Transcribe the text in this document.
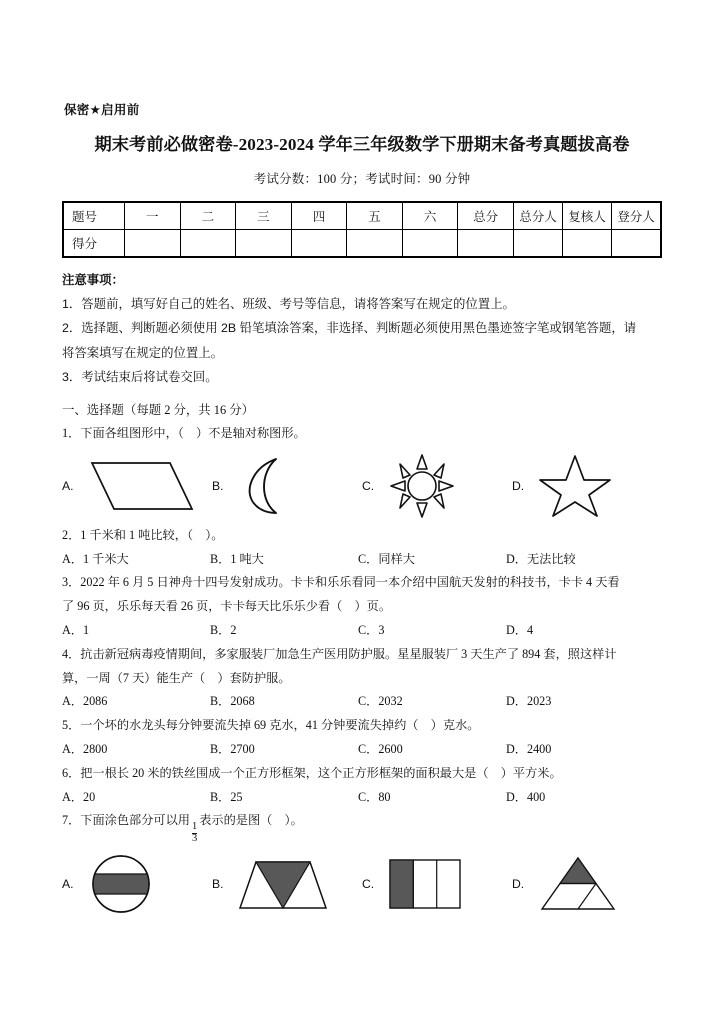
保密★启用前
期末考前必做密卷-2023-2024 学年三年级数学下册期末备考真题拔高卷
考试分数：100 分；考试时间：90 分钟
题号	一	二	三	四	五	六	总分	总分人	复核人	登分人
得分										

注意事项：

1．答题前，填写好自己的姓名、班级、考号等信息，请将答案写在规定的位置上。

2．选择题、判断题必须使用 2B 铅笔填涂答案，非选择、判断题必须使用黑色墨迹签字笔或钢笔答题，请

将答案填写在规定的位置上。

3．考试结束后将试卷交回。

一、选择题（每题 2 分，共 16 分）

1．下面各组图形中，（　）不是轴对称图形。

A.	B.	C.	D.

2．1 千米和 1 吨比较，（　）。

A．1 千米大	B．1 吨大	C．同样大	D．无法比较

3．2022 年 6 月 5 日神舟十四号发射成功。卡卡和乐乐看同一本介绍中国航天发射的科技书，卡卡 4 天看

了 96 页，乐乐每天看 26 页，卡卡每天比乐乐少看（　）页。

A．1	B．2	C．3	D．4

4．抗击新冠病毒疫情期间，多家服装厂加急生产医用防护服。星星服装厂 3 天生产了 894 套，照这样计

算，一周（7 天）能生产（　）套防护服。

A．2086	B．2068	C．2032	D．2023

5．一个坏的水龙头每分钟要流失掉 69 克水，41 分钟要流失掉约（　）克水。

A．2800	B．2700	C．2600	D．2400

6．把一根长 20 米的铁丝围成一个正方形框架，这个正方形框架的面积最大是（　）平方米。

A．20	B．25	C．80	D．400

7．下面涂色部分可以用
$\frac{1}{3}$
表示的是图（　）。

A.	B.	C.	D.
